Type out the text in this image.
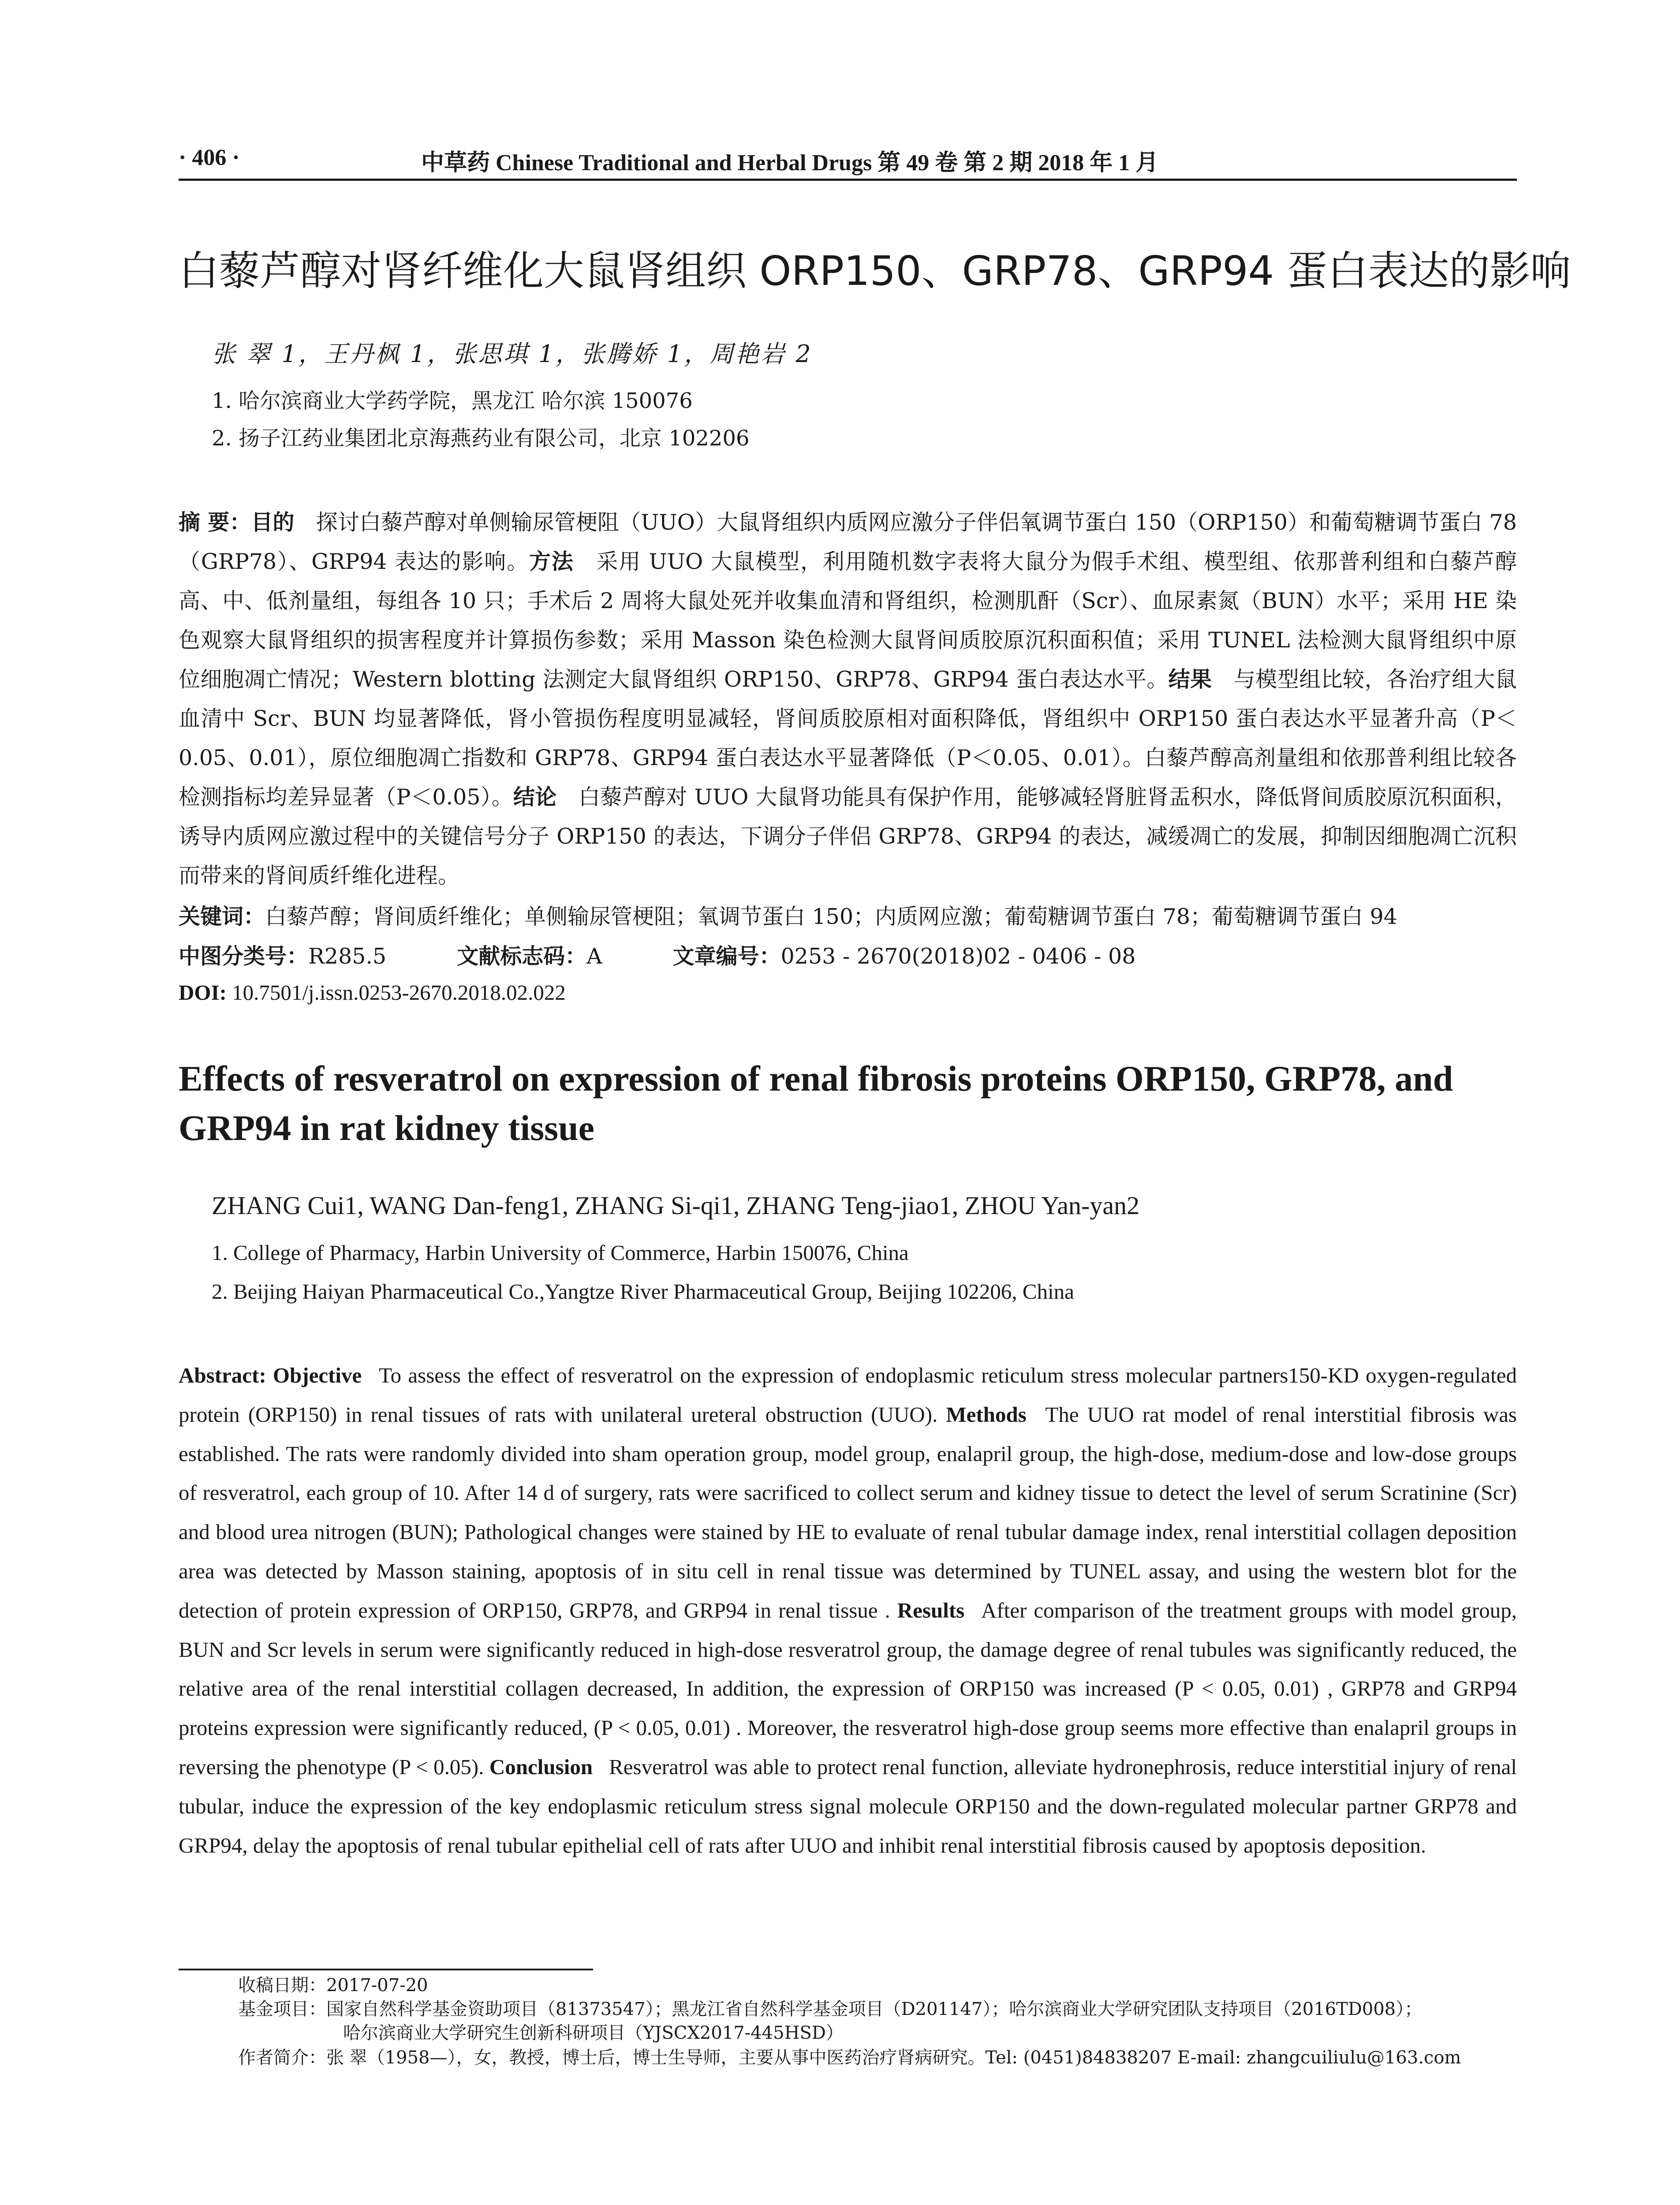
· 406 ·	中草药 Chinese Traditional and Herbal Drugs 第 49 卷 第 2 期 2018 年 1 月
白藜芦醇对肾纤维化大鼠肾组织 ORP150、GRP78、GRP94 蛋白表达的影响
张 翠 1，王丹枫 1，张思琪 1，张腾娇 1，周艳岩 2
1. 哈尔滨商业大学药学院，黑龙江 哈尔滨 150076
2. 扬子江药业集团北京海燕药业有限公司，北京 102206
摘 要：目的  探讨白藜芦醇对单侧输尿管梗阻（UUO）大鼠肾组织内质网应激分子伴侣氧调节蛋白 150（ORP150）和葡萄糖调节蛋白 78（GRP78）、GRP94 表达的影响。方法  采用 UUO 大鼠模型，利用随机数字表将大鼠分为假手术组、模型组、依那普利组和白藜芦醇高、中、低剂量组，每组各 10 只；手术后 2 周将大鼠处死并收集血清和肾组织，检测肌酐（Scr）、血尿素氮（BUN）水平；采用 HE 染色观察大鼠肾组织的损害程度并计算损伤参数；采用 Masson 染色检测大鼠肾间质胶原沉积面积值；采用 TUNEL 法检测大鼠肾组织中原位细胞凋亡情况；Western blotting 法测定大鼠肾组织 ORP150、GRP78、GRP94 蛋白表达水平。结果  与模型组比较，各治疗组大鼠血清中 Scr、BUN 均显著降低，肾小管损伤程度明显减轻，肾间质胶原相对面积降低，肾组织中 ORP150 蛋白表达水平显著升高（P＜0.05、0.01），原位细胞凋亡指数和 GRP78、GRP94 蛋白表达水平显著降低（P＜0.05、0.01）。白藜芦醇高剂量组和依那普利组比较各检测指标均差异显著（P＜0.05）。结论  白藜芦醇对 UUO 大鼠肾功能具有保护作用，能够减轻肾脏肾盂积水，降低肾间质胶原沉积面积，诱导内质网应激过程中的关键信号分子 ORP150 的表达，下调分子伴侣 GRP78、GRP94 的表达，减缓凋亡的发展，抑制因细胞凋亡沉积而带来的肾间质纤维化进程。
关键词：白藜芦醇；肾间质纤维化；单侧输尿管梗阻；氧调节蛋白 150；内质网应激；葡萄糖调节蛋白 78；葡萄糖调节蛋白 94
中图分类号：R285.5	文献标志码：A	文章编号：0253 - 2670(2018)02 - 0406 - 08
DOI: 10.7501/j.issn.0253-2670.2018.02.022
Effects of resveratrol on expression of renal fibrosis proteins ORP150, GRP78, and GRP94 in rat kidney tissue
ZHANG Cui1, WANG Dan-feng1, ZHANG Si-qi1, ZHANG Teng-jiao1, ZHOU Yan-yan2
1. College of Pharmacy, Harbin University of Commerce, Harbin 150076, China
2. Beijing Haiyan Pharmaceutical Co.,Yangtze River Pharmaceutical Group, Beijing 102206, China
Abstract: Objective  To assess the effect of resveratrol on the expression of endoplasmic reticulum stress molecular partners150-KD oxygen-regulated protein (ORP150) in renal tissues of rats with unilateral ureteral obstruction (UUO). Methods  The UUO rat model of renal interstitial fibrosis was established. The rats were randomly divided into sham operation group, model group, enalapril group, the high-dose, medium-dose and low-dose groups of resveratrol, each group of 10. After 14 d of surgery, rats were sacrificed to collect serum and kidney tissue to detect the level of serum Scratinine (Scr) and blood urea nitrogen (BUN); Pathological changes were stained by HE to evaluate of renal tubular damage index, renal interstitial collagen deposition area was detected by Masson staining, apoptosis of in situ cell in renal tissue was determined by TUNEL assay, and using the western blot for the detection of protein expression of ORP150, GRP78, and GRP94 in renal tissue . Results  After comparison of the treatment groups with model group, BUN and Scr levels in serum were significantly reduced in high-dose resveratrol group, the damage degree of renal tubules was significantly reduced, the relative area of the renal interstitial collagen decreased, In addition, the expression of ORP150 was increased (P < 0.05, 0.01) , GRP78 and GRP94 proteins expression were significantly reduced, (P < 0.05, 0.01) . Moreover, the resveratrol high-dose group seems more effective than enalapril groups in reversing the phenotype (P < 0.05). Conclusion  Resveratrol was able to protect renal function, alleviate hydronephrosis, reduce interstitial injury of renal tubular, induce the expression of the key endoplasmic reticulum stress signal molecule ORP150 and the down-regulated molecular partner GRP78 and GRP94, delay the apoptosis of renal tubular epithelial cell of rats after UUO and inhibit renal interstitial fibrosis caused by apoptosis deposition.
收稿日期：2017-07-20
基金项目：国家自然科学基金资助项目（81373547）；黑龙江省自然科学基金项目（D201147）；哈尔滨商业大学研究团队支持项目（2016TD008）；
哈尔滨商业大学研究生创新科研项目（YJSCX2017-445HSD）
作者简介：张 翠（1958—），女，教授，博士后，博士生导师，主要从事中医药治疗肾病研究。Tel: (0451)84838207 E-mail: zhangcuiliulu@163.com
